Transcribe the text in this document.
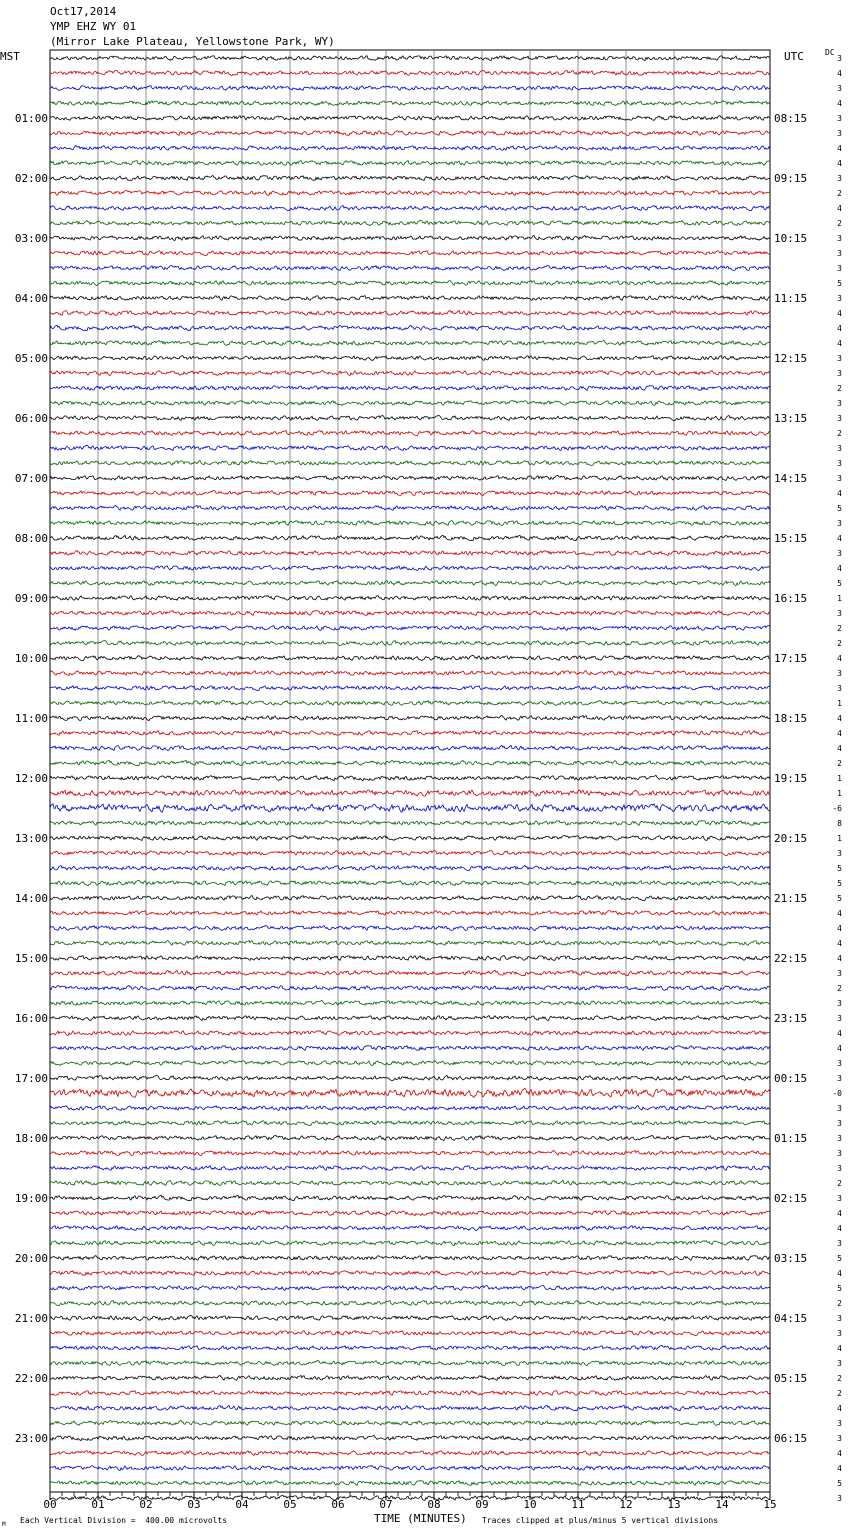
Oct17,2014
YMP EHZ WY 01
(Mirror Lake Plateau, Yellowstone Park, WY)
MST	UTC	DC
00	01	02	03	04	05	06	07	08	09	10	11	12	13	14	15
3
4
3
4
3
3
4
4
3
2
4
2
3
3
3
5
3
4
4
4
3
3
2
3
3
2
3
3
3
4
5
3
4
3
4
5
1
3
2
2
4
3
3
1
4
4
4
2
1
1
-6
8
1
3
5
5
5
4
4
4
4
3
2
3
3
4
4
3
3
-0
3
3
3
3
3
2
3
4
4
3
5
4
5
2
3
3
4
3
2
2
4
3
3
4
4
5
3
01:00
02:00
03:00
04:00
05:00
06:00
07:00
08:00
09:00
10:00
11:00
12:00
13:00
14:00
15:00
16:00
17:00
18:00
19:00
20:00
21:00
22:00
23:00
08:15
09:15
10:15
11:15
12:15
13:15
14:15
15:15
16:15
17:15
18:15
19:15
20:15
21:15
22:15
23:15
00:15
01:15
02:15
03:15
04:15
05:15
06:15
TIME (MINUTES)
M Each Vertical Division =  400.00 microvolts	Traces clipped at plus/minus 5 vertical divisions
